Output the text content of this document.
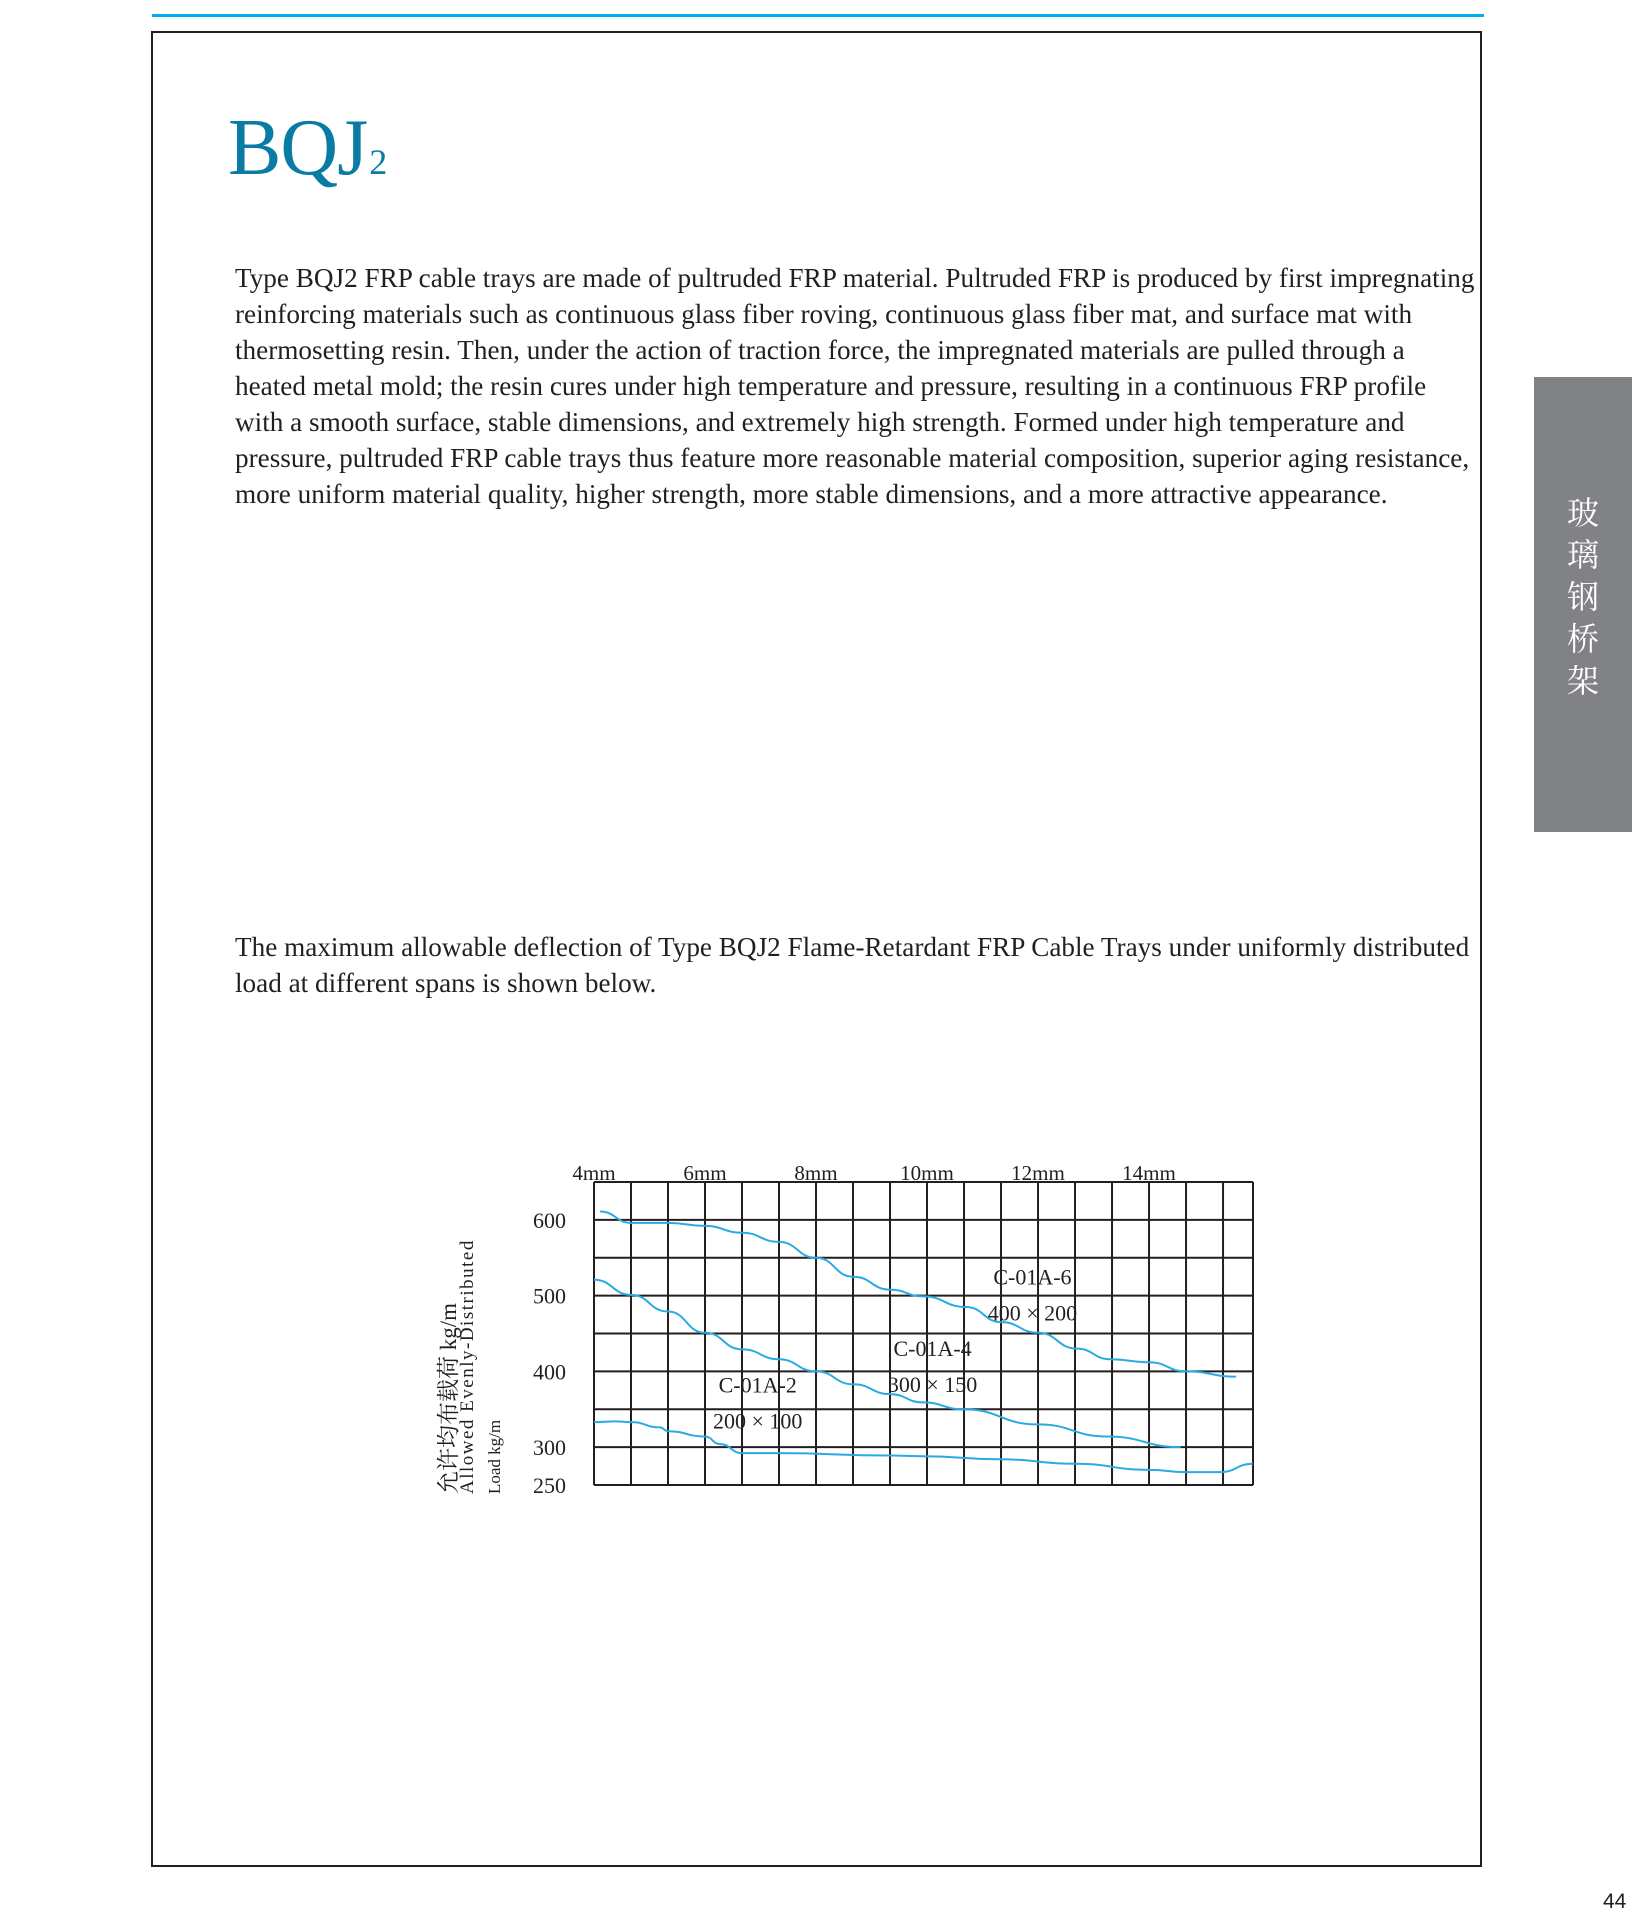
BQJ2
Type BQJ2 FRP cable trays are made of pultruded FRP material. Pultruded FRP is produced by first impregnating reinforcing materials such as continuous glass fiber roving, continuous glass fiber mat, and surface mat with thermosetting resin. Then, under the action of traction force, the impregnated materials are pulled through a heated metal mold; the resin cures under high temperature and pressure, resulting in a continuous FRP profile with a smooth surface, stable dimensions, and extremely high strength. Formed under high temperature and pressure, pultruded FRP cable trays thus feature more reasonable material composition, superior aging resistance, more uniform material quality, higher strength, more stable dimensions, and a more attractive appearance.
The maximum allowable deflection of Type BQJ2 Flame-Retardant FRP Cable Trays under uniformly distributed load at different spans is shown below.
玻
璃
钢
桥
架
44
允许均布载荷 kg/m
Allowed Evenly-Distributed Load kg/m
4mm	6mm	8mm	10mm	12mm	14mm
600
500
400
300
250
C-01A-6
400 × 200
C-01A-4
300 × 150
C-01A-2
200 × 100
